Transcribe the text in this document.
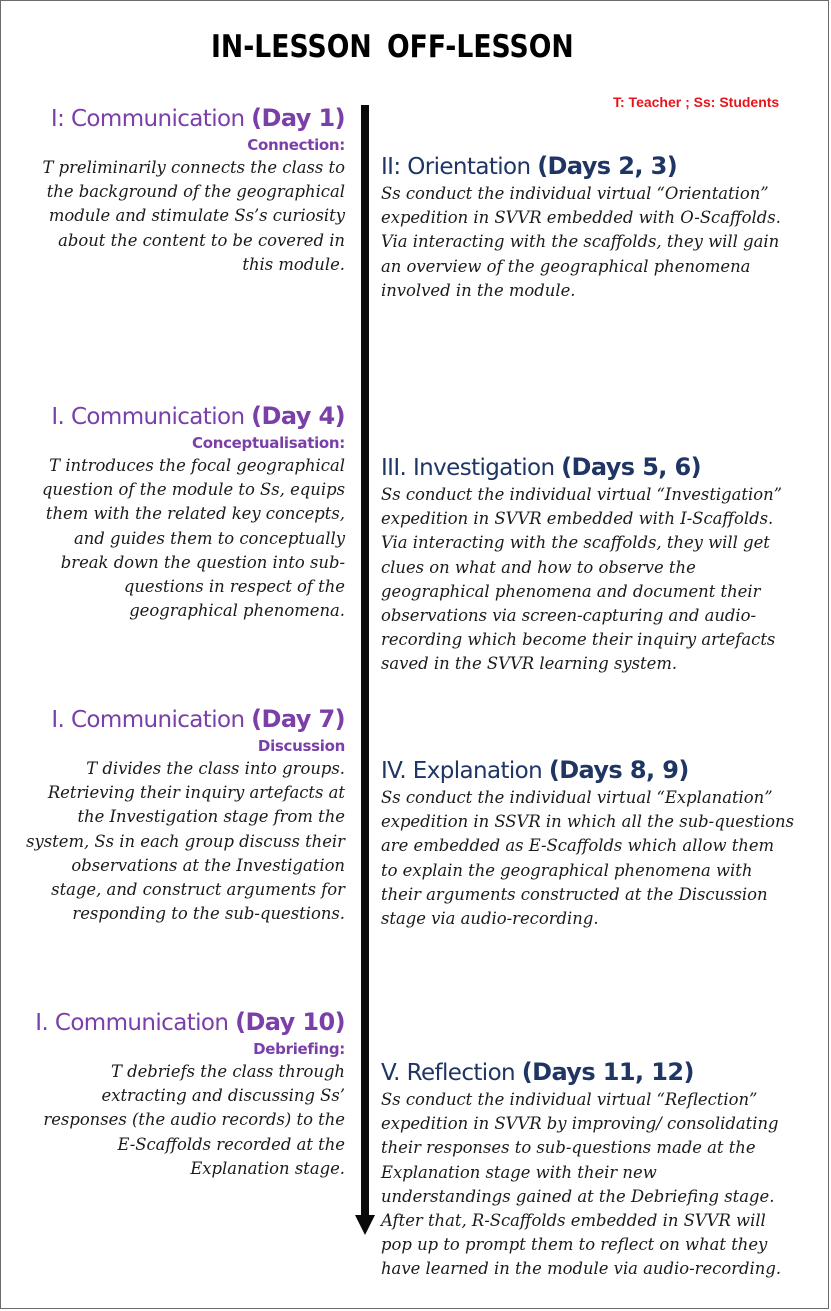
IN-LESSON OFF-LESSON
T: Teacher ; Ss: Students
I: Communication (Day 1)
Connection:
T preliminarily connects the class to
the background of the geographical
module and stimulate Ss’s curiosity
about the content to be covered in
this module.
I. Communication (Day 4)
Conceptualisation:
T introduces the focal geographical
question of the module to Ss, equips
them with the related key concepts,
and guides them to conceptually
break down the question into sub-
questions in respect of the
geographical phenomena.
I. Communication (Day 7)
Discussion
T divides the class into groups.
Retrieving their inquiry artefacts at
the Investigation stage from the
system, Ss in each group discuss their
observations at the Investigation
stage, and construct arguments for
responding to the sub-questions.
I. Communication (Day 10)
Debriefing:
T debriefs the class through
extracting and discussing Ss’
responses (the audio records) to the
E-Scaffolds recorded at the
Explanation stage.
II: Orientation (Days 2, 3)
Ss conduct the individual virtual “Orientation”
expedition in SVVR embedded with O-Scaffolds.
Via interacting with the scaffolds, they will gain
an overview of the geographical phenomena
involved in the module.
III. Investigation (Days 5, 6)
Ss conduct the individual virtual “Investigation”
expedition in SVVR embedded with I-Scaffolds.
Via interacting with the scaffolds, they will get
clues on what and how to observe the
geographical phenomena and document their
observations via screen-capturing and audio-
recording which become their inquiry artefacts
saved in the SVVR learning system.
IV. Explanation (Days 8, 9)
Ss conduct the individual virtual “Explanation”
expedition in SSVR in which all the sub-questions
are embedded as E-Scaffolds which allow them
to explain the geographical phenomena with
their arguments constructed at the Discussion
stage via audio-recording.
V. Reflection (Days 11, 12)
Ss conduct the individual virtual “Reflection”
expedition in SVVR by improving/ consolidating
their responses to sub-questions made at the
Explanation stage with their new
understandings gained at the Debriefing stage.
After that, R-Scaffolds embedded in SVVR will
pop up to prompt them to reflect on what they
have learned in the module via audio-recording.
